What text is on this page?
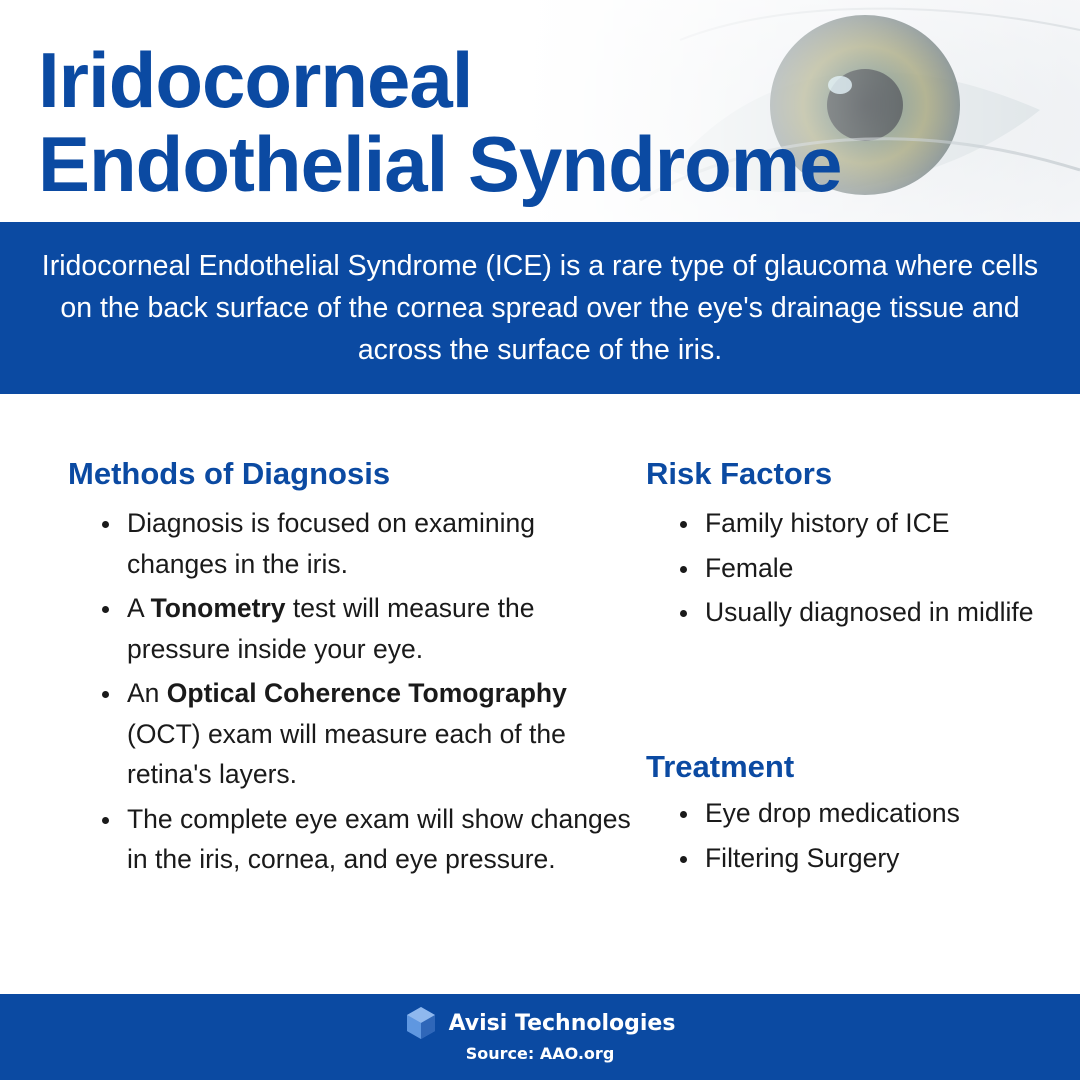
Iridocorneal
Endothelial Syndrome

Iridocorneal Endothelial Syndrome (ICE) is a rare type of glaucoma where cells on the back surface of the cornea spread over the eye's drainage tissue and across the surface of the iris.

Methods of Diagnosis
• Diagnosis is focused on examining changes in the iris.
• A Tonometry test will measure the pressure inside your eye.
• An Optical Coherence Tomography (OCT) exam will measure each of the retina's layers.
• The complete eye exam will show changes in the iris, cornea, and eye pressure.
Risk Factors
• Family history of ICE
• Female
• Usually diagnosed in midlife
Treatment
• Eye drop medications
• Filtering Surgery
Avisi Technologies
Source: AAO.org
